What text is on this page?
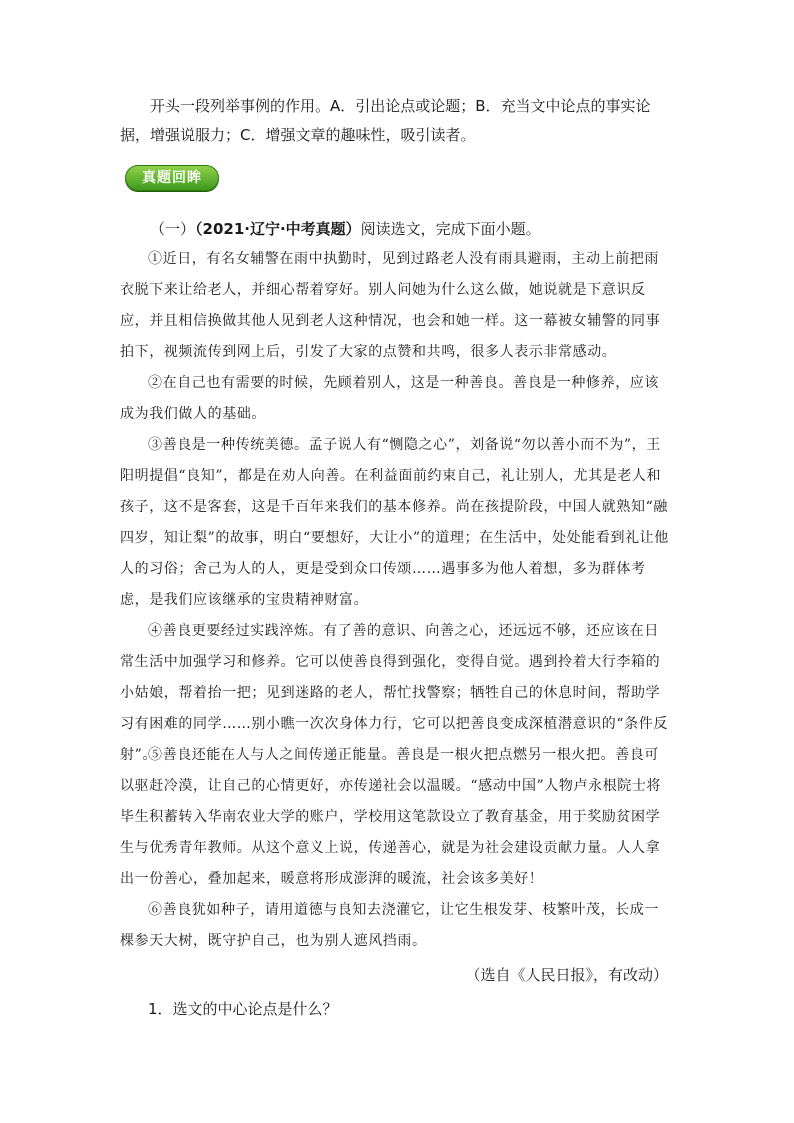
开头一段列举事例的作用。A．引出论点或论题；B．充当文中论点的事实论据，增强说服力；C．增强文章的趣味性，吸引读者。

真题回眸

（一）（2021·辽宁·中考真题）阅读选文，完成下面小题。

①近日，有名女辅警在雨中执勤时，见到过路老人没有雨具避雨，主动上前把雨衣脱下来让给老人，并细心帮着穿好。别人问她为什么这么做，她说就是下意识反应，并且相信换做其他人见到老人这种情况，也会和她一样。这一幕被女辅警的同事拍下，视频流传到网上后，引发了大家的点赞和共鸣，很多人表示非常感动。

②在自己也有需要的时候，先顾着别人，这是一种善良。善良是一种修养，应该成为我们做人的基础。

③善良是一种传统美德。孟子说人有“恻隐之心”，刘备说“勿以善小而不为”，王阳明提倡“良知”，都是在劝人向善。在利益面前约束自己，礼让别人，尤其是老人和孩子，这不是客套，这是千百年来我们的基本修养。尚在孩提阶段，中国人就熟知“融四岁，知让梨”的故事，明白“要想好，大让小”的道理；在生活中，处处能看到礼让他人的习俗；舍己为人的人，更是受到众口传颂……遇事多为他人着想，多为群体考虑，是我们应该继承的宝贵精神财富。

④善良更要经过实践淬炼。有了善的意识、向善之心，还远远不够，还应该在日常生活中加强学习和修养。它可以使善良得到强化，变得自觉。遇到拎着大行李箱的小姑娘，帮着抬一把；见到迷路的老人，帮忙找警察；牺牲自己的休息时间，帮助学习有困难的同学……别小瞧一次次身体力行，它可以把善良变成深植潜意识的“条件反射”。

⑤善良还能在人与人之间传递正能量。善良是一根火把点燃另一根火把。善良可以驱赶冷漠，让自己的心情更好，亦传递社会以温暖。“感动中国”人物卢永根院士将毕生积蓄转入华南农业大学的账户，学校用这笔款设立了教育基金，用于奖励贫困学生与优秀青年教师。从这个意义上说，传递善心，就是为社会建设贡献力量。人人拿出一份善心，叠加起来，暖意将形成澎湃的暖流，社会该多美好！

⑥善良犹如种子，请用道德与良知去浇灌它，让它生根发芽、枝繁叶茂，长成一棵参天大树，既守护自己，也为别人遮风挡雨。

（选自《人民日报》，有改动）

1．选文的中心论点是什么？
